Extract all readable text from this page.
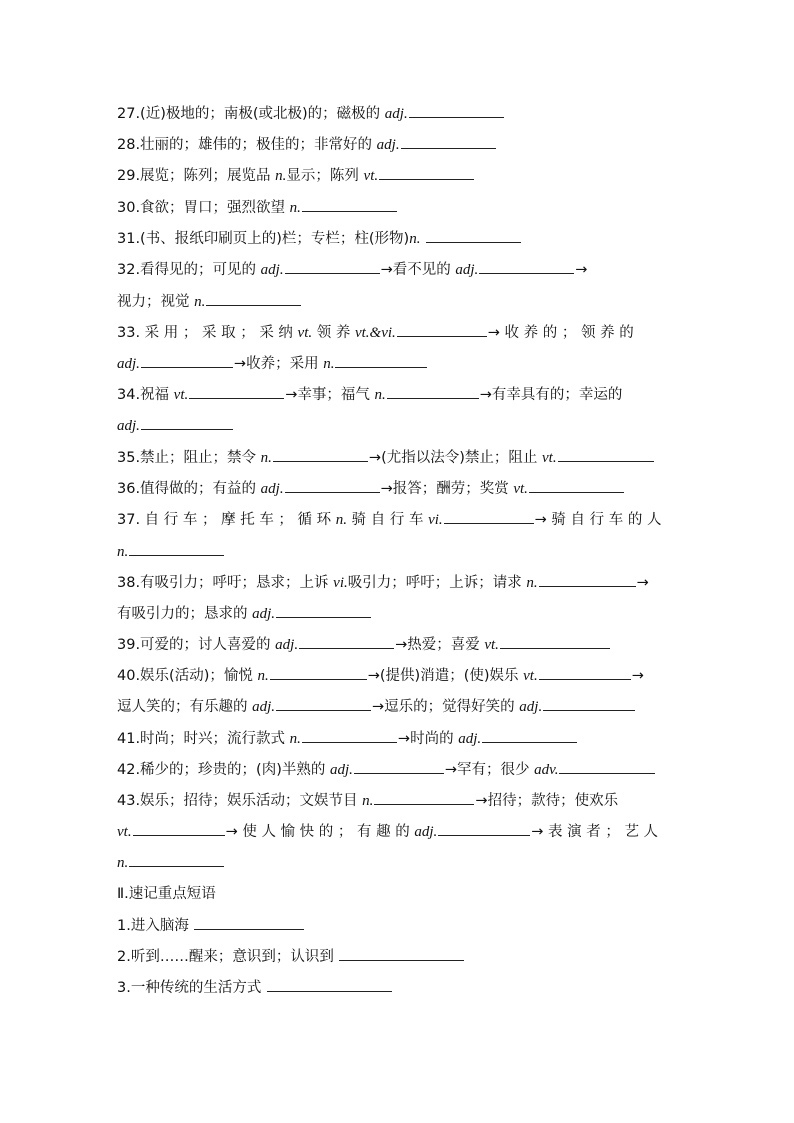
27.(近)极地的；南极(或北极)的；磁极的 adj.
28.壮丽的；雄伟的；极佳的；非常好的 adj.
29.展览；陈列；展览品 n.显示；陈列 vt.
30.食欲；胃口；强烈欲望 n.
31.(书、报纸印刷页上的)栏；专栏；柱(形物)n.
32.看得见的；可见的 adj.	→看不见的 adj.	→
视力；视觉 n.
33. 采 用 ； 采 取 ； 采 纳 vt. 领 养 vt.&vi.	→ 收 养 的 ； 领 养 的
adj.	→收养；采用 n.
34.祝福 vt.	→幸事；福气 n.	→有幸具有的；幸运的
adj.
35.禁止；阻止；禁令 n.	→(尤指以法令)禁止；阻止 vt.
36.值得做的；有益的 adj.	→报答；酬劳；奖赏 vt.
37. 自 行 车 ； 摩 托 车 ； 循 环 n. 骑 自 行 车 vi.	→ 骑 自 行 车 的 人
n.
38.有吸引力；呼吁；恳求；上诉 vi.吸引力；呼吁；上诉；请求 n.	→
有吸引力的；恳求的 adj.
39.可爱的；讨人喜爱的 adj.	→热爱；喜爱 vt.
40.娱乐(活动)；愉悦 n.	→(提供)消遣；(使)娱乐 vt.	→
逗人笑的；有乐趣的 adj.	→逗乐的；觉得好笑的 adj.
41.时尚；时兴；流行款式 n.	→时尚的 adj.
42.稀少的；珍贵的；(肉)半熟的 adj.	→罕有；很少 adv.
43.娱乐；招待；娱乐活动；文娱节目 n.	→招待；款待；使欢乐
vt.	→ 使 人 愉 快 的 ； 有 趣 的 adj.	→ 表 演 者 ； 艺 人
n.
Ⅱ.速记重点短语
1.进入脑海
2.听到……醒来；意识到；认识到
3.一种传统的生活方式
